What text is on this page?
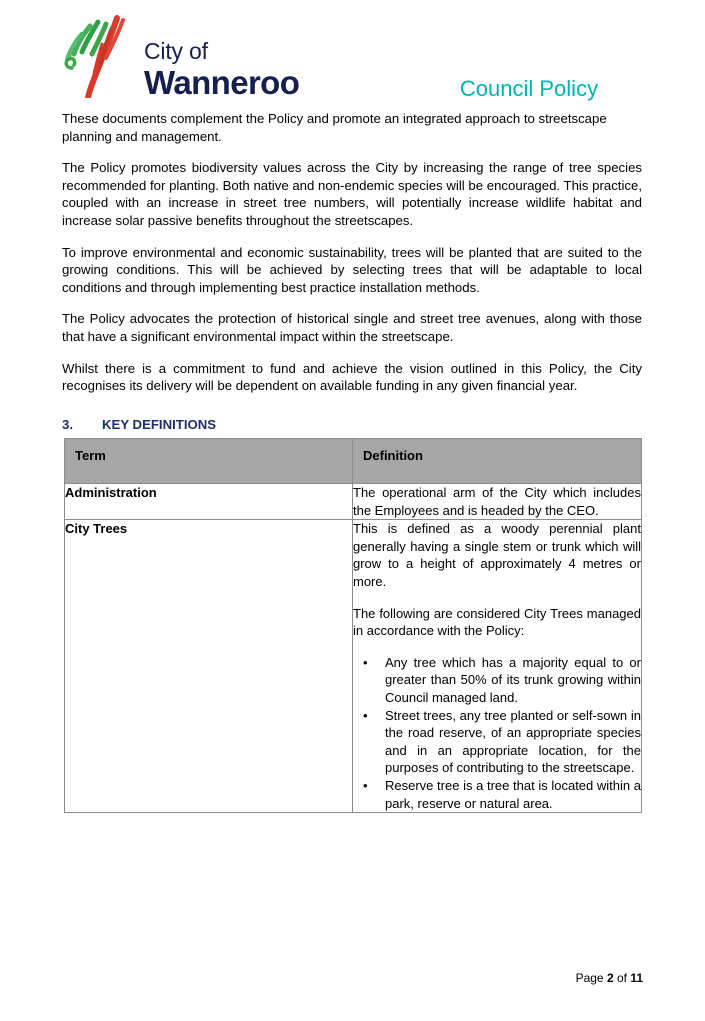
City of
Wanneroo	Council Policy

These documents complement the Policy and promote an integrated approach to streetscape planning and management.

The Policy promotes biodiversity values across the City by increasing the range of tree species recommended for planting. Both native and non-endemic species will be encouraged. This practice, coupled with an increase in street tree numbers, will potentially increase wildlife habitat and increase solar passive benefits throughout the streetscapes.

To improve environmental and economic sustainability, trees will be planted that are suited to the growing conditions. This will be achieved by selecting trees that will be adaptable to local conditions and through implementing best practice installation methods.

The Policy advocates the protection of historical single and street tree avenues, along with those that have a significant environmental impact within the streetscape.

Whilst there is a commitment to fund and achieve the vision outlined in this Policy, the City recognises its delivery will be dependent on available funding in any given financial year.

3.	KEY DEFINITIONS
Term	Definition
Administration	The operational arm of the City which includes the Employees and is headed by the CEO.

City Trees	This is defined as a woody perennial plant generally having a single stem or trunk which will grow to a height of approximately 4 metres or more.

The following are considered City Trees managed in accordance with the Policy:

• Any tree which has a majority equal to or greater than 50% of its trunk growing within Council managed land.
• Street trees, any tree planted or self-sown in the road reserve, of an appropriate species and in an appropriate location, for the purposes of contributing to the streetscape.
• Reserve tree is a tree that is located within a park, reserve or natural area.
Page 2 of 11
